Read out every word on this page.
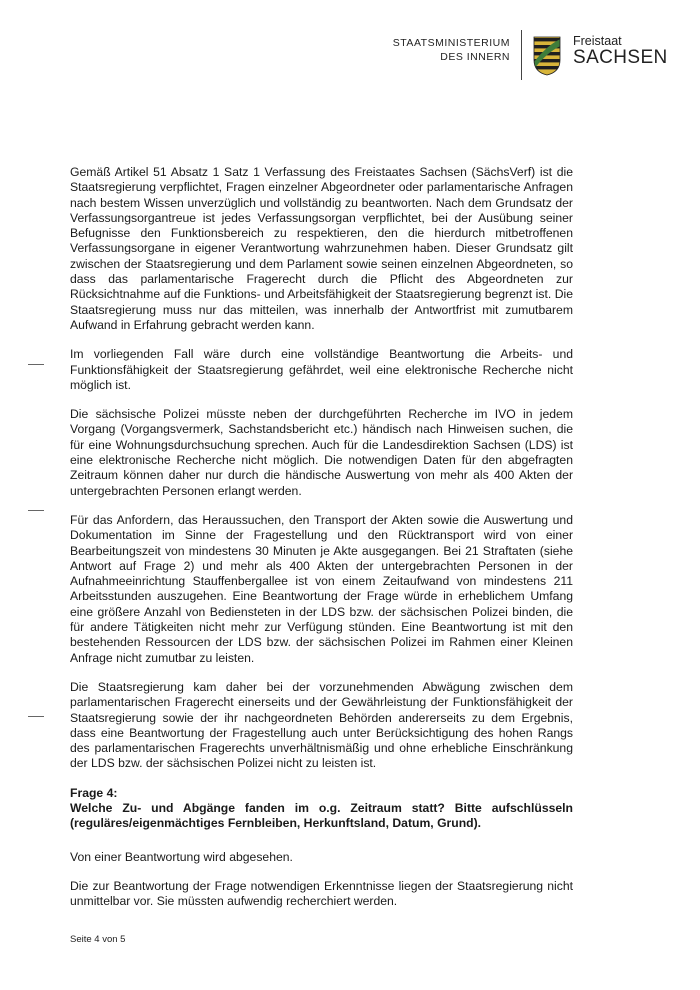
STAATSMINISTERIUM
DES INNERN
Freistaat
SACHSEN

Gemäß Artikel 51 Absatz 1 Satz 1 Verfassung des Freistaates Sachsen (SächsVerf) ist die Staatsregierung verpflichtet, Fragen einzelner Abgeordneter oder parlamentarische Anfragen nach bestem Wissen unverzüglich und vollständig zu beantworten. Nach dem Grundsatz der Verfassungsorgantreue ist jedes Verfassungsorgan verpflichtet, bei der Ausübung seiner Befugnisse den Funktionsbereich zu respektieren, den die hierdurch mitbetroffenen Verfassungsorgane in eigener Verantwortung wahrzunehmen haben. Dieser Grundsatz gilt zwischen der Staatsregierung und dem Parlament sowie seinen einzelnen Abgeordneten, so dass das parlamentarische Fragerecht durch die Pflicht des Abgeordneten zur Rücksichtnahme auf die Funktions- und Arbeitsfähigkeit der Staatsregierung begrenzt ist. Die Staatsregierung muss nur das mitteilen, was innerhalb der Antwortfrist mit zumutbarem Aufwand in Erfahrung gebracht werden kann.

Im vorliegenden Fall wäre durch eine vollständige Beantwortung die Arbeits- und Funktionsfähigkeit der Staatsregierung gefährdet, weil eine elektronische Recherche nicht möglich ist.

Die sächsische Polizei müsste neben der durchgeführten Recherche im IVO in jedem Vorgang (Vorgangsvermerk, Sachstandsbericht etc.) händisch nach Hinweisen suchen, die für eine Wohnungsdurchsuchung sprechen. Auch für die Landesdirektion Sachsen (LDS) ist eine elektronische Recherche nicht möglich. Die notwendigen Daten für den abgefragten Zeitraum können daher nur durch die händische Auswertung von mehr als 400 Akten der untergebrachten Personen erlangt werden.

Für das Anfordern, das Heraussuchen, den Transport der Akten sowie die Auswertung und Dokumentation im Sinne der Fragestellung und den Rücktransport wird von einer Bearbeitungszeit von mindestens 30 Minuten je Akte ausgegangen. Bei 21 Straftaten (siehe Antwort auf Frage 2) und mehr als 400 Akten der untergebrachten Personen in der Aufnahmeeinrichtung Stauffenbergallee ist von einem Zeitaufwand von mindestens 211 Arbeitsstunden auszugehen. Eine Beantwortung der Frage würde in erheblichem Umfang eine größere Anzahl von Bediensteten in der LDS bzw. der sächsischen Polizei binden, die für andere Tätigkeiten nicht mehr zur Verfügung stünden. Eine Beantwortung ist mit den bestehenden Ressourcen der LDS bzw. der sächsischen Polizei im Rahmen einer Kleinen Anfrage nicht zumutbar zu leisten.

Die Staatsregierung kam daher bei der vorzunehmenden Abwägung zwischen dem parlamentarischen Fragerecht einerseits und der Gewährleistung der Funktionsfähigkeit der Staatsregierung sowie der ihr nachgeordneten Behörden andererseits zu dem Ergebnis, dass eine Beantwortung der Fragestellung auch unter Berücksichtigung des hohen Rangs des parlamentarischen Fragerechts unverhältnismäßig und ohne erhebliche Einschränkung der LDS bzw. der sächsischen Polizei nicht zu leisten ist.

Frage 4:
Welche Zu- und Abgänge fanden im o.g. Zeitraum statt? Bitte aufschlüsseln (reguläres/eigenmächtiges Fernbleiben, Herkunftsland, Datum, Grund).

Von einer Beantwortung wird abgesehen.

Die zur Beantwortung der Frage notwendigen Erkenntnisse liegen der Staatsregierung nicht unmittelbar vor. Sie müssten aufwendig recherchiert werden.

Seite 4 von 5
